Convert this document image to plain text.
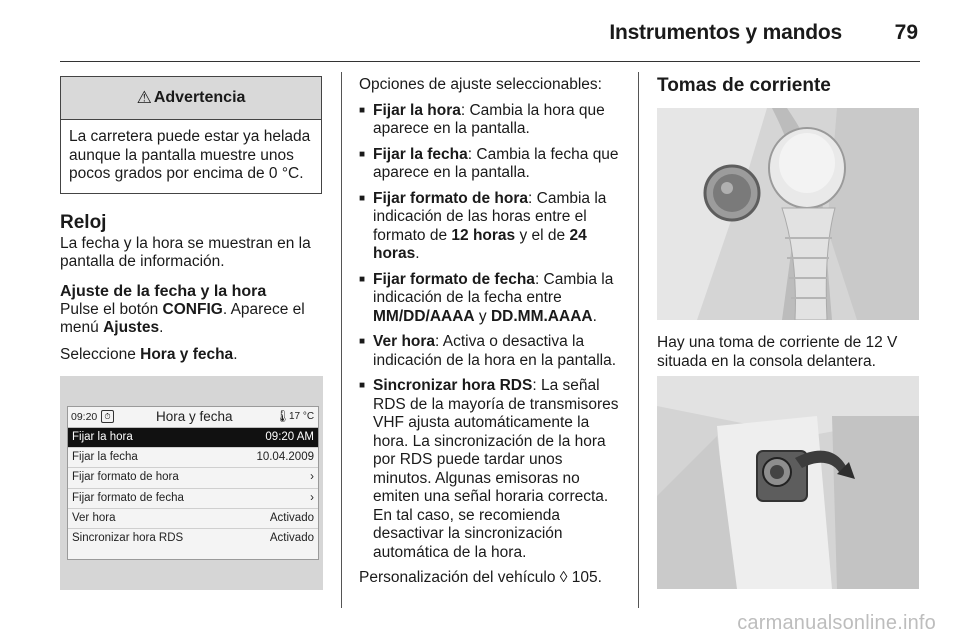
Instrumentos y mandos	79
⚠ Advertencia
La carretera puede estar ya helada aunque la pantalla muestre unos pocos grados por encima de 0 °C.
Reloj

La fecha y la hora se muestran en la pantalla de información.

Ajuste de la fecha y la hora

Pulse el botón CONFIG. Aparece el menú Ajustes.

Seleccione Hora y fecha.

09:20 ⏱	Hora y fecha	🌡
17 °C
Fijar la hora	09:20 AM
Fijar la fecha	10.04.2009
Fijar formato de hora	›
Fijar formato de fecha	›
Ver hora	Activado
Sincronizar hora RDS	Activado

Opciones de ajuste seleccionables:

■ Fijar la hora: Cambia la hora que aparece en la pantalla.
■ Fijar la fecha: Cambia la fecha que aparece en la pantalla.
■ Fijar formato de hora: Cambia la indicación de las horas entre el formato de 12 horas y el de 24 horas.
■ Fijar formato de fecha: Cambia la indicación de la fecha entre MM/DD/AAAA y DD.MM.AAAA.
■ Ver hora: Activa o desactiva la indicación de la hora en la pantalla.
■ Sincronizar hora RDS: La señal RDS de la mayoría de transmisores VHF ajusta automáticamente la hora. La sincronización de la hora por RDS puede tardar unos minutos. Algunas emisoras no emiten una señal horaria correcta. En tal caso, se recomienda desactivar la sincronización automática de la hora.

Personalización del vehículo ◊ 105.

Tomas de corriente

Hay una toma de corriente de 12 V situada en la consola delantera.

carmanualsonline.info
